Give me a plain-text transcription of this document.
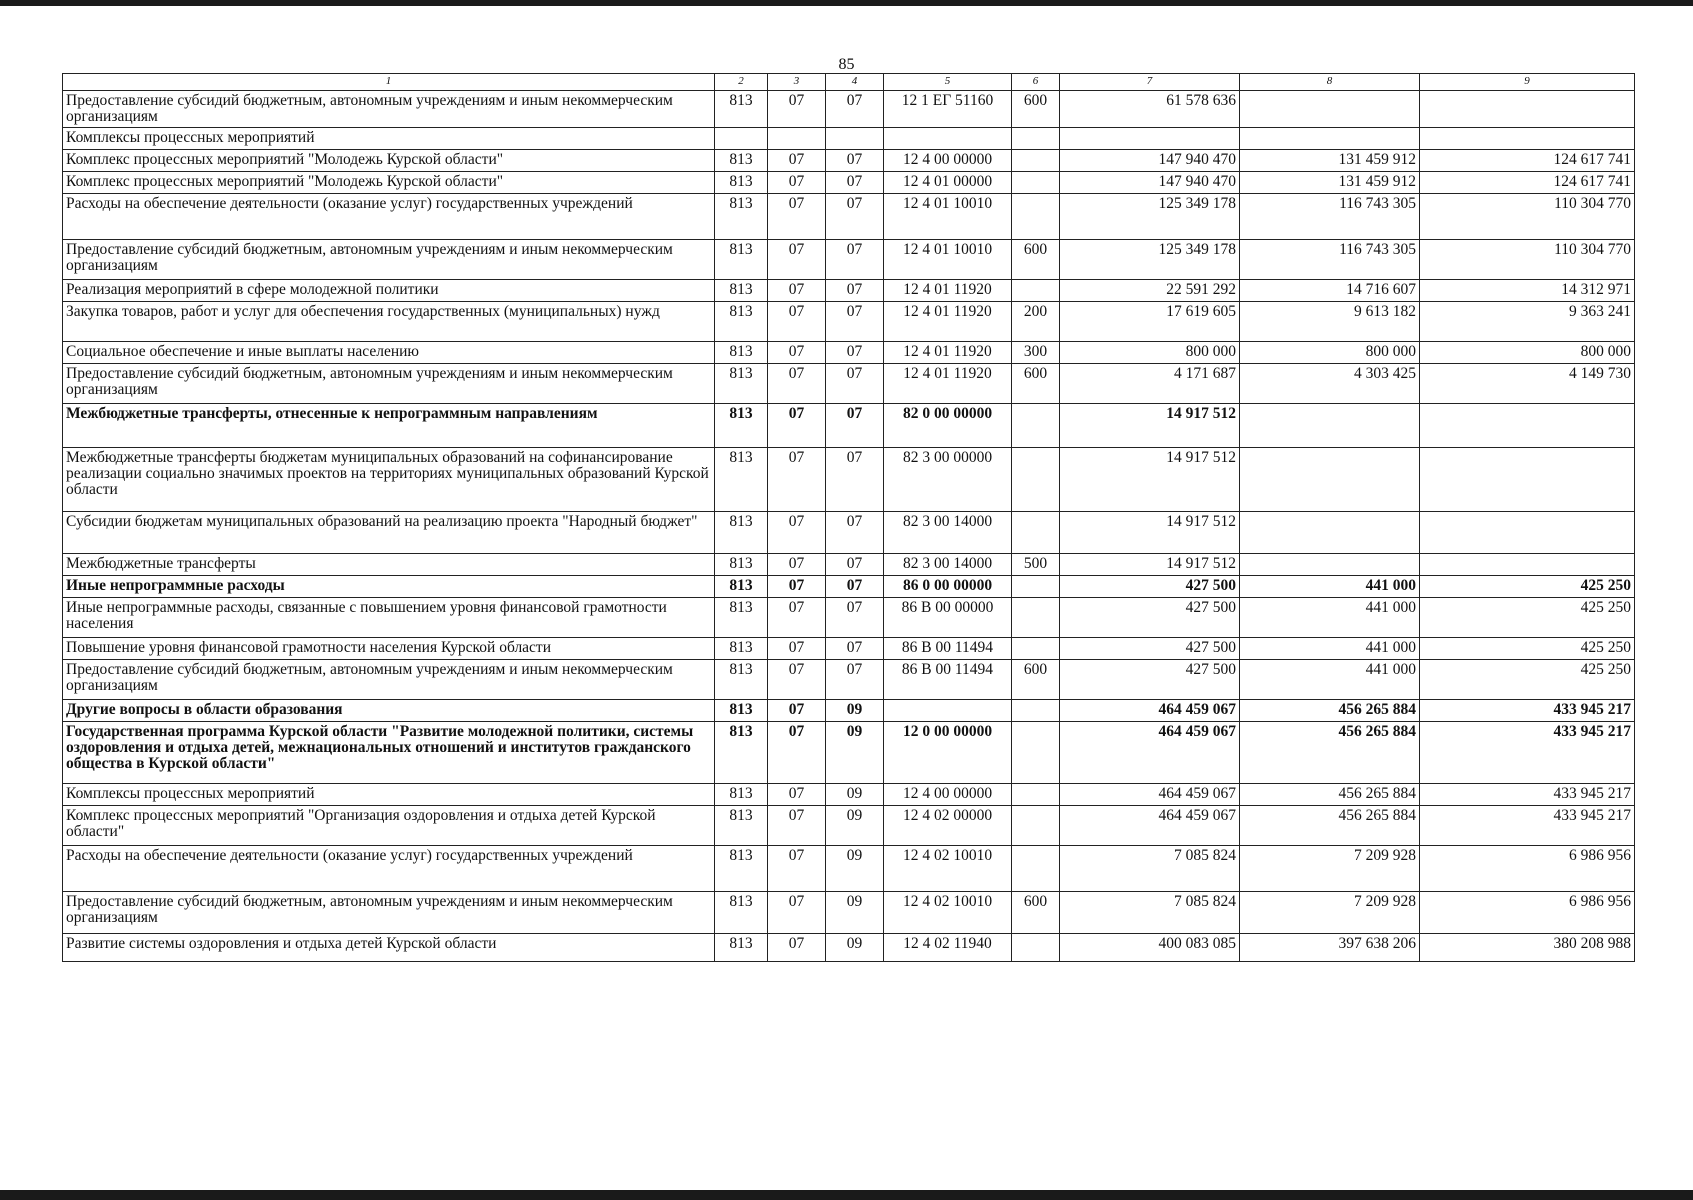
85
1	2	3	4	5	6	7	8	9
Предоставление субсидий бюджетным, автономным учреждениям и иным некоммерческим организациям	813	07	07	12 1 ЕГ 51160	600	61 578 636		
Комплексы процессных мероприятий								
Комплекс процессных мероприятий "Молодежь Курской области"	813	07	07	12 4 00 00000		147 940 470	131 459 912	124 617 741
Комплекс процессных мероприятий "Молодежь Курской области"	813	07	07	12 4 01 00000		147 940 470	131 459 912	124 617 741
Расходы на обеспечение деятельности (оказание услуг) государственных учреждений	813	07	07	12 4 01 10010		125 349 178	116 743 305	110 304 770
Предоставление субсидий бюджетным, автономным учреждениям и иным некоммерческим организациям	813	07	07	12 4 01 10010	600	125 349 178	116 743 305	110 304 770
Реализация мероприятий в сфере молодежной политики	813	07	07	12 4 01 11920		22 591 292	14 716 607	14 312 971
Закупка товаров, работ и услуг для обеспечения государственных (муниципальных) нужд	813	07	07	12 4 01 11920	200	17 619 605	9 613 182	9 363 241
Социальное обеспечение и иные выплаты населению	813	07	07	12 4 01 11920	300	800 000	800 000	800 000
Предоставление субсидий бюджетным, автономным учреждениям и иным некоммерческим организациям	813	07	07	12 4 01 11920	600	4 171 687	4 303 425	4 149 730
Межбюджетные трансферты, отнесенные к непрограммным направлениям	813	07	07	82 0 00 00000		14 917 512		
Межбюджетные трансферты бюджетам муниципальных образований на софинансирование реализации социально значимых проектов на территориях муниципальных образований Курской области	813	07	07	82 3 00 00000		14 917 512		
Субсидии бюджетам муниципальных образований на реализацию проекта "Народный бюджет"	813	07	07	82 3 00 14000		14 917 512		
Межбюджетные трансферты	813	07	07	82 3 00 14000	500	14 917 512		
Иные непрограммные расходы	813	07	07	86 0 00 00000		427 500	441 000	425 250
Иные непрограммные расходы, связанные с повышением уровня финансовой грамотности населения	813	07	07	86 В 00 00000		427 500	441 000	425 250
Повышение уровня финансовой грамотности населения Курской области	813	07	07	86 В 00 11494		427 500	441 000	425 250
Предоставление субсидий бюджетным, автономным учреждениям и иным некоммерческим организациям	813	07	07	86 В 00 11494	600	427 500	441 000	425 250
Другие вопросы в области образования	813	07	09			464 459 067	456 265 884	433 945 217
Государственная программа Курской области "Развитие молодежной политики, системы оздоровления и отдыха детей, межнациональных отношений и институтов гражданского общества в Курской области"	813	07	09	12 0 00 00000		464 459 067	456 265 884	433 945 217
Комплексы процессных мероприятий	813	07	09	12 4 00 00000		464 459 067	456 265 884	433 945 217
Комплекс процессных мероприятий "Организация оздоровления и отдыха детей Курской области"	813	07	09	12 4 02 00000		464 459 067	456 265 884	433 945 217
Расходы на обеспечение деятельности (оказание услуг) государственных учреждений	813	07	09	12 4 02 10010		7 085 824	7 209 928	6 986 956
Предоставление субсидий бюджетным, автономным учреждениям и иным некоммерческим организациям	813	07	09	12 4 02 10010	600	7 085 824	7 209 928	6 986 956
Развитие системы оздоровления и отдыха детей Курской области	813	07	09	12 4 02 11940		400 083 085	397 638 206	380 208 988
